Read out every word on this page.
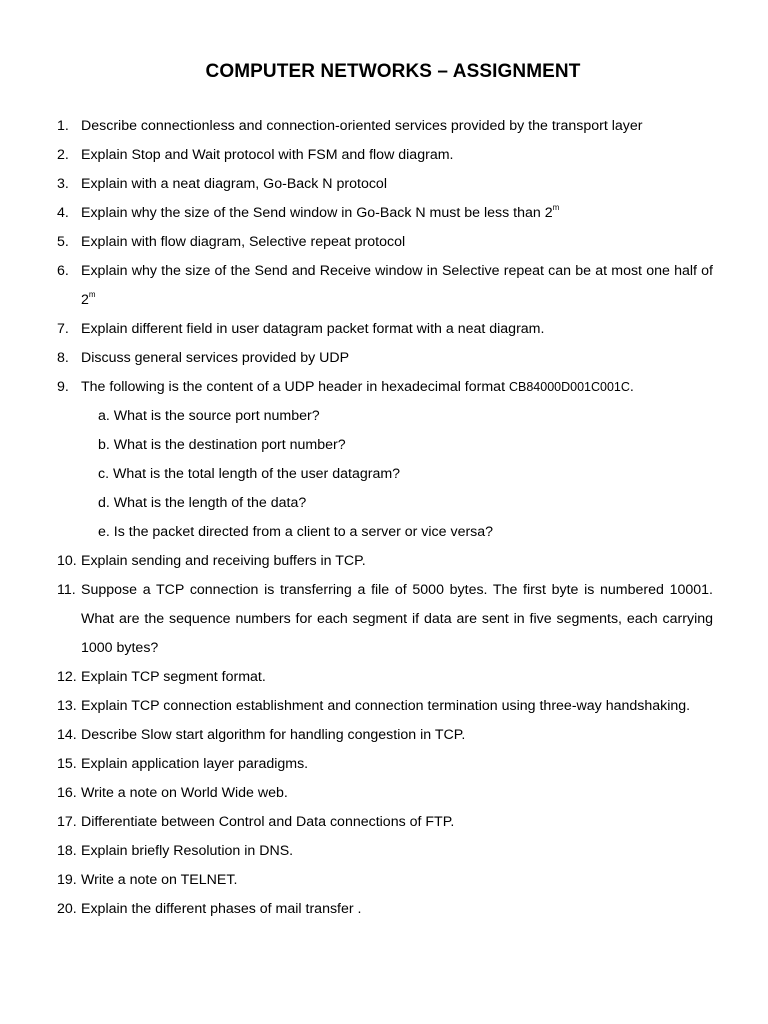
COMPUTER NETWORKS – ASSIGNMENT
1. Describe connectionless and connection-oriented services provided by the transport layer
2. Explain Stop and Wait protocol with FSM and flow diagram.
3. Explain with a neat diagram, Go-Back N protocol
4. Explain why the size of the Send window in Go-Back N must be less than 2$^m$
5. Explain with flow diagram, Selective repeat protocol
6. Explain why the size of the Send and Receive window in Selective repeat can be at most one half of 2$^m$
7. Explain different field in user datagram packet format with a neat diagram.
8. Discuss general services provided by UDP
9. The following is the content of a UDP header in hexadecimal format CB84000D001C001C.
a. What is the source port number?
b. What is the destination port number?
c. What is the total length of the user datagram?
d. What is the length of the data?
e. Is the packet directed from a client to a server or vice versa?
10. Explain sending and receiving buffers in TCP.
11. Suppose a TCP connection is transferring a file of 5000 bytes. The first byte is numbered 10001. What are the sequence numbers for each segment if data are sent in five segments, each carrying 1000 bytes?
12. Explain TCP segment format.
13. Explain TCP connection establishment and connection termination using three-way handshaking.
14. Describe Slow start algorithm for handling congestion in TCP.
15. Explain application layer paradigms.
16. Write a note on World Wide web.
17. Differentiate between Control and Data connections of FTP.
18. Explain briefly Resolution in DNS.
19. Write a note on TELNET.
20. Explain the different phases of mail transfer .
